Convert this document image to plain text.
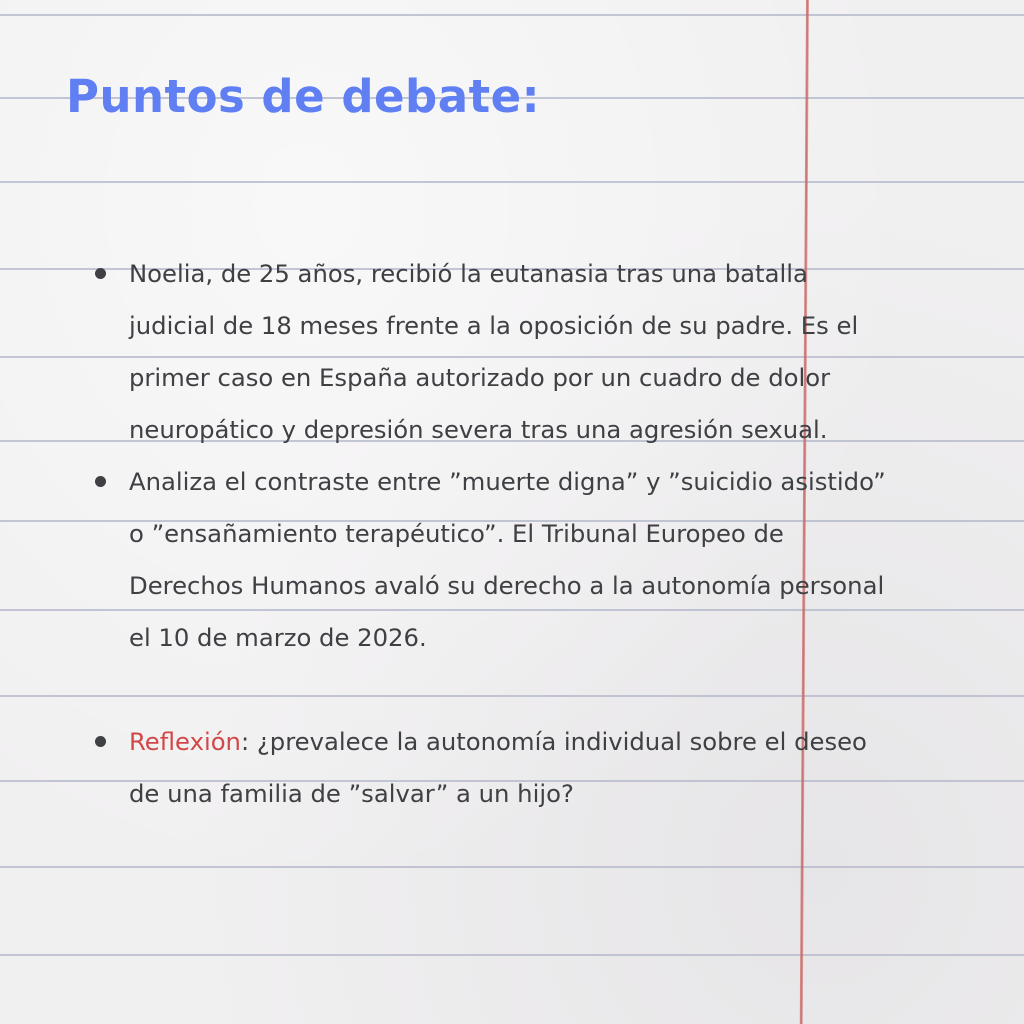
Puntos de debate:
Noelia, de 25 años, recibió la eutanasia tras una batalla judicial de 18 meses frente a la oposición de su padre. Es el primer caso en España autorizado por un cuadro de dolor neuropático y depresión severa tras una agresión sexual.
Analiza el contraste entre ”muerte digna” y ”suicidio asistido” o ”ensañamiento terapéutico”. El Tribunal Europeo de Derechos Humanos avaló su derecho a la autonomía personal el 10 de marzo de 2026.
Reflexión: ¿prevalece la autonomía individual sobre el deseo de una familia de ”salvar” a un hijo?
